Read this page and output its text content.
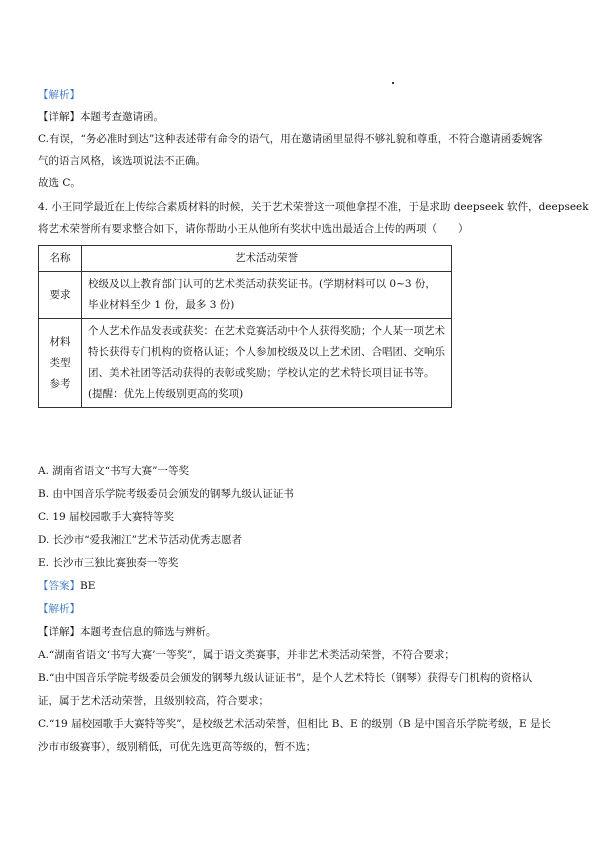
【解析】
【详解】本题考查邀请函。
C.有误，“务必准时到达”这种表述带有命令的语气，用在邀请函里显得不够礼貌和尊重，不符合邀请函委婉客
气的语言风格，该选项说法不正确。
故选 C。
4. 小王同学最近在上传综合素质材料的时候，关于艺术荣誉这一项他拿捏不准，于是求助 deepseek 软件，deepseek
将艺术荣誉所有要求整合如下，请你帮助小王从他所有奖状中选出最适合上传的两项（　　）
名称	艺术活动荣誉
要求	校级及以上教育部门认可的艺术类活动获奖证书。(学期材料可以 0~3 份，毕业材料至少 1 份，最多 3 份)
材料类型参考	个人艺术作品发表或获奖：在艺术竞赛活动中个人获得奖励；个人某一项艺术特长获得专门机构的资格认证；个人参加校级及以上艺术团、合唱团、交响乐团、美术社团等活动获得的表彰或奖励；学校认定的艺术特长项目证书等。(提醒：优先上传级别更高的奖项)
A. 湖南省语文“书写大赛”一等奖
B. 由中国音乐学院考级委员会颁发的钢琴九级认证证书
C. 19 届校园歌手大赛特等奖
D. 长沙市“爱我湘江”艺术节活动优秀志愿者
E. 长沙市三独比赛独奏一等奖
【答案】BE
【解析】
【详解】本题考查信息的筛选与辨析。
A.“湖南省语文‘书写大赛’一等奖”，属于语文类赛事，并非艺术类活动荣誉，不符合要求；
B.“由中国音乐学院考级委员会颁发的钢琴九级认证证书”，是个人艺术特长（钢琴）获得专门机构的资格认
证，属于艺术活动荣誉，且级别较高，符合要求；
C.“19 届校园歌手大赛特等奖”，是校级艺术活动荣誉，但相比 B、E 的级别（B 是中国音乐学院考级，E 是长
沙市市级赛事），级别稍低，可优先选更高等级的，暂不选；
